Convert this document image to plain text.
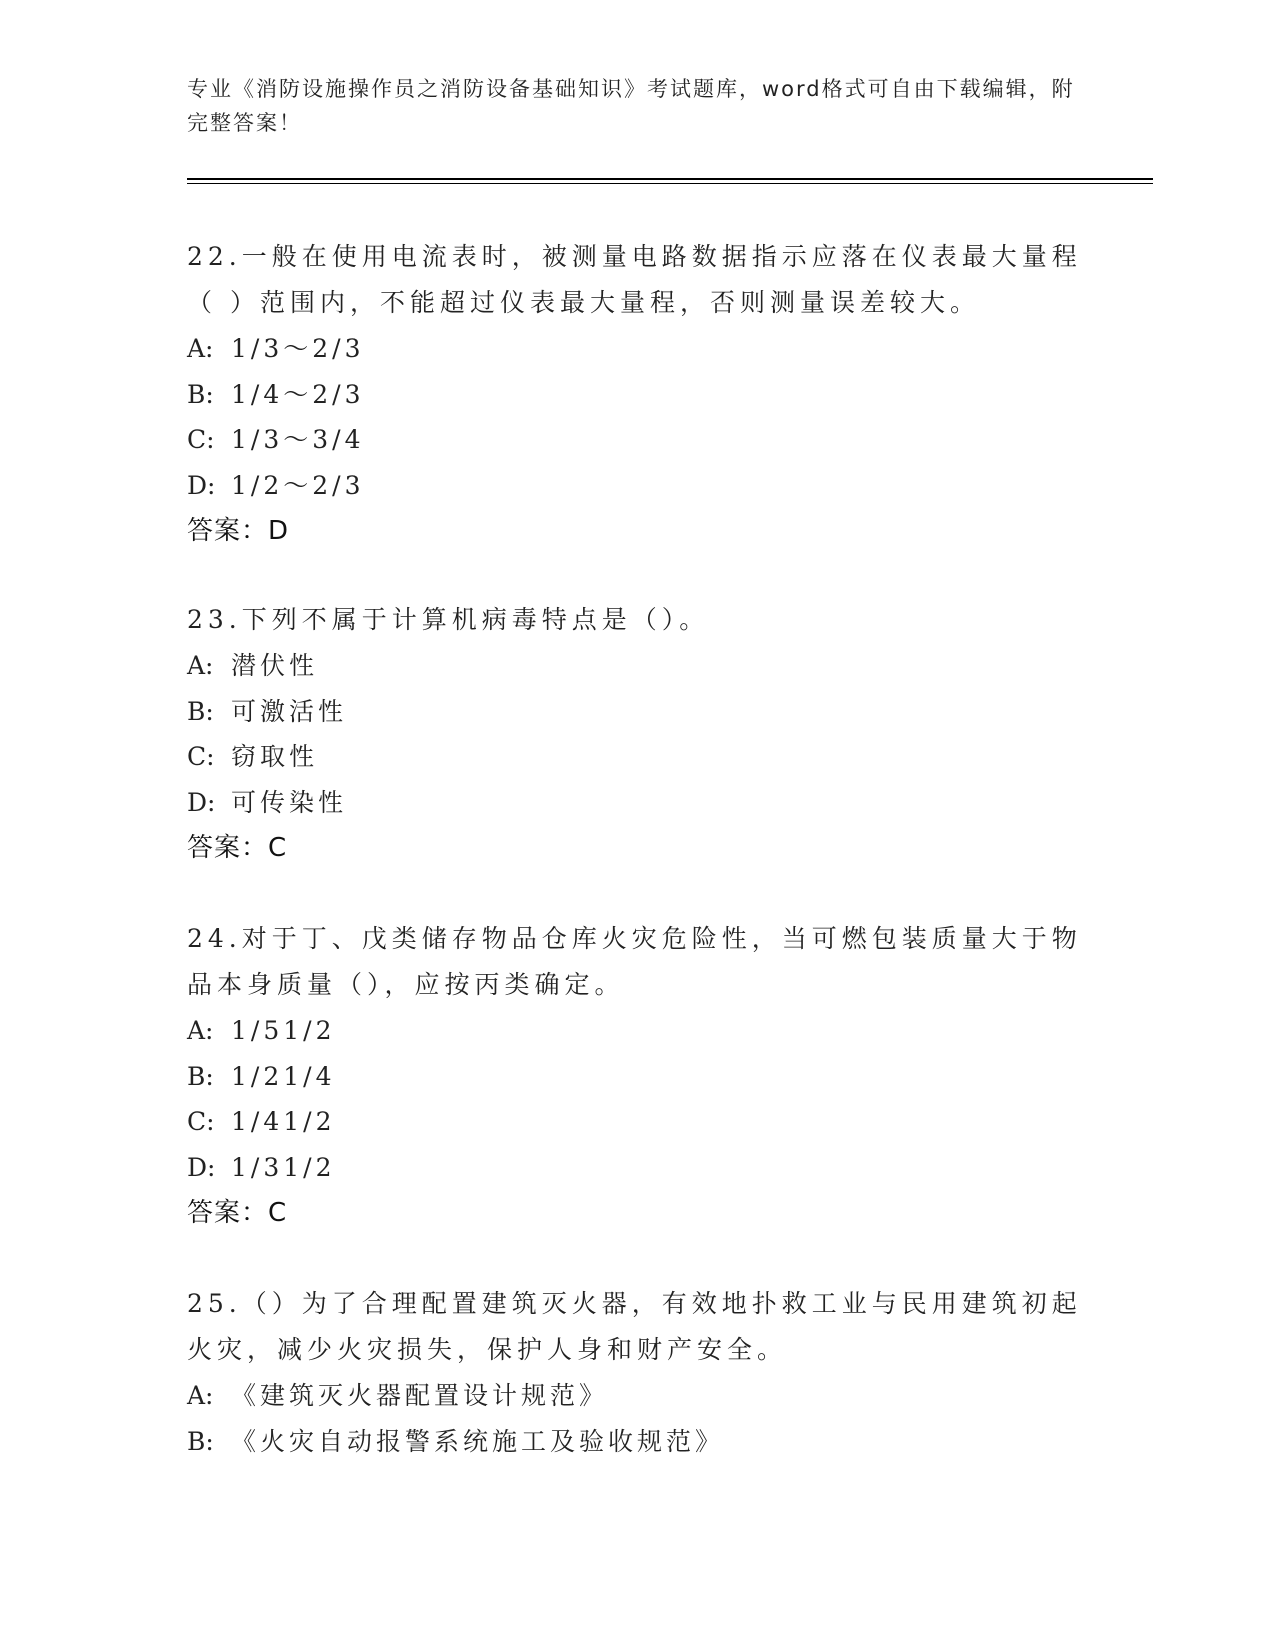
专业《消防设施操作员之消防设备基础知识》考试题库，word格式可自由下载编辑，附完整答案！
22.一般在使用电流表时，被测量电路数据指示应落在仪表最大量程（ ）范围内，不能超过仪表最大量程，否则测量误差较大。
A: 1/3～2/3
B: 1/4～2/3
C: 1/3～3/4
D: 1/2～2/3
答案：D
23.下列不属于计算机病毒特点是（）。
A: 潜伏性
B: 可激活性
C: 窃取性
D: 可传染性
答案：C
24.对于丁、戊类储存物品仓库火灾危险性，当可燃包装质量大于物品本身质量（），应按丙类确定。
A: 1/51/2
B: 1/21/4
C: 1/41/2
D: 1/31/2
答案：C
25.（）为了合理配置建筑灭火器，有效地扑救工业与民用建筑初起火灾，减少火灾损失，保护人身和财产安全。
A: 《建筑灭火器配置设计规范》
B: 《火灾自动报警系统施工及验收规范》
